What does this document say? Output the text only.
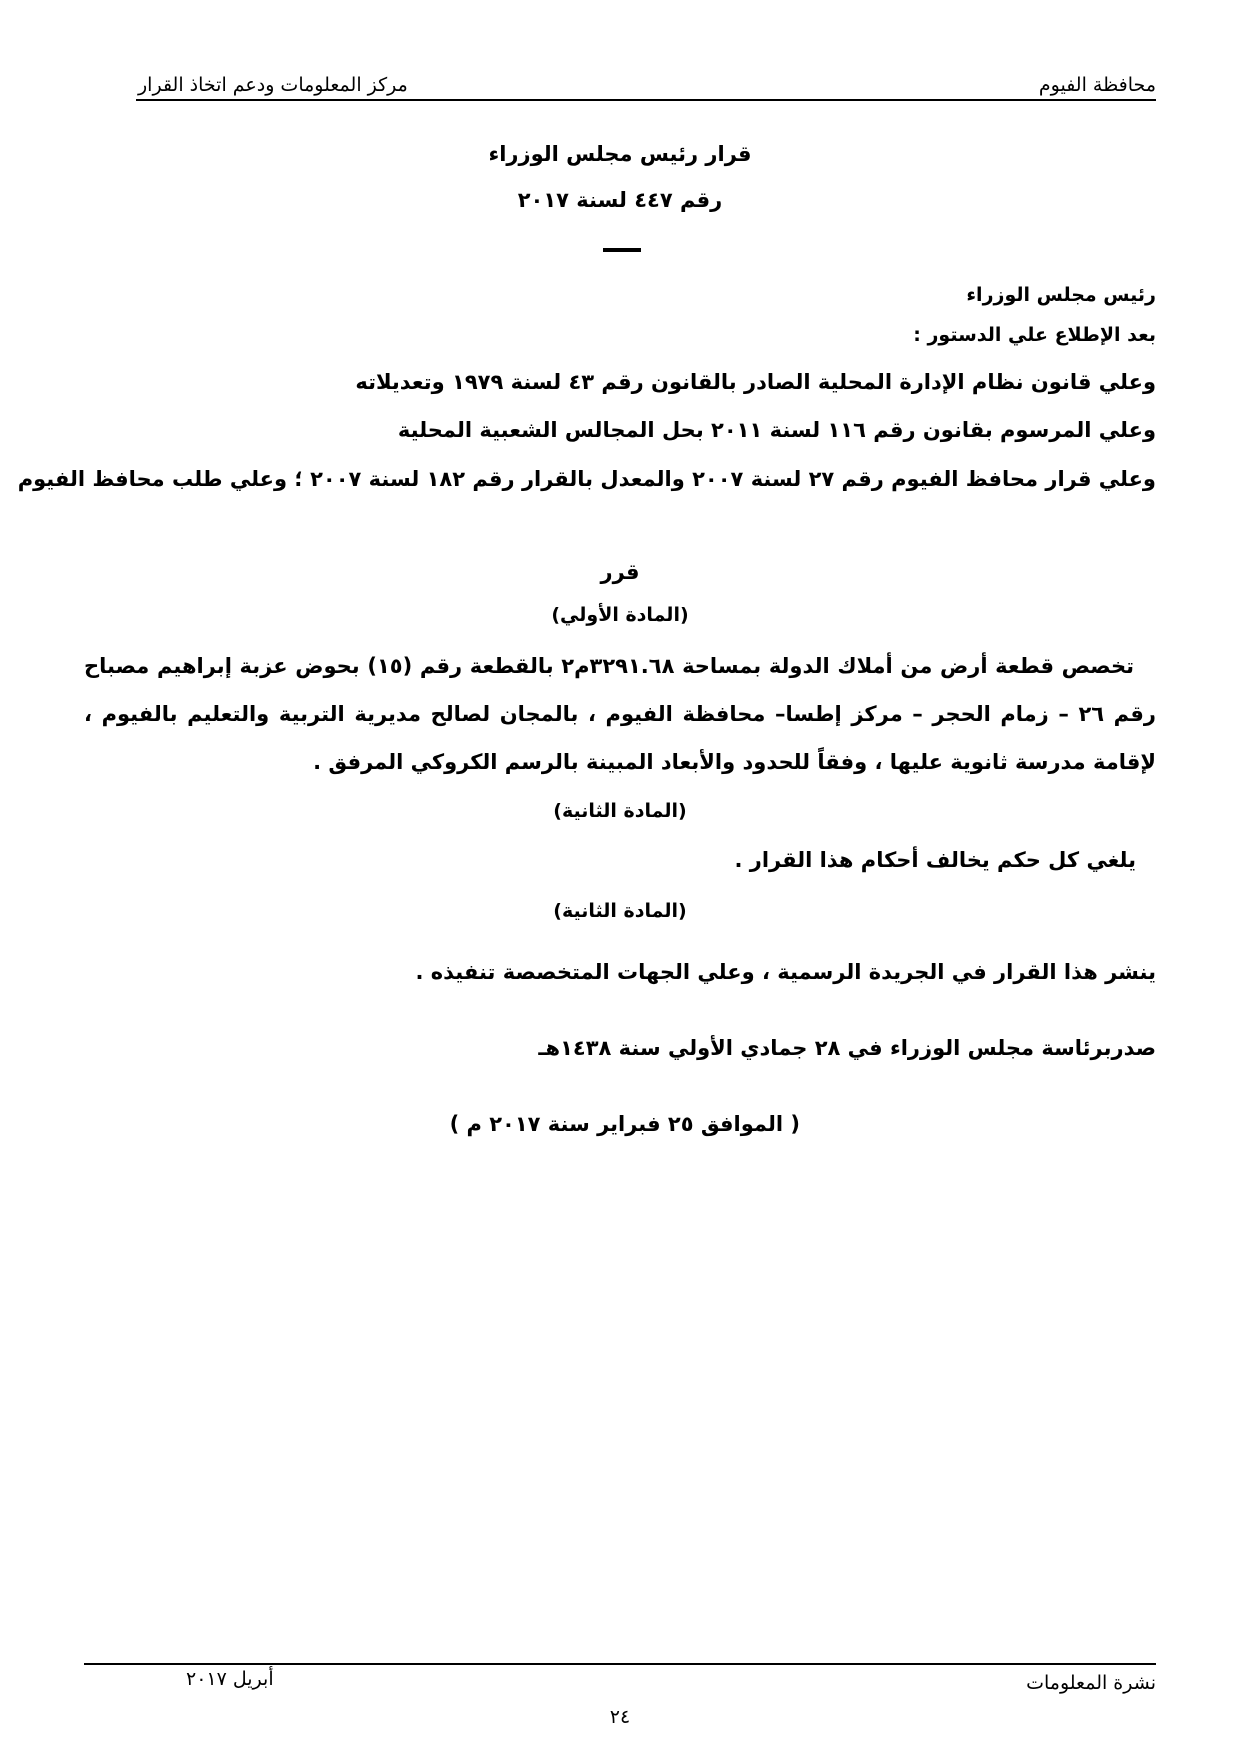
محافظة الفيوم
مركز المعلومات ودعم اتخاذ القرار
قرار رئيس مجلس الوزراء
رقم ٤٤٧ لسنة ٢٠١٧
رئيس مجلس الوزراء
بعد الإطلاع علي الدستور :
وعلي قانون نظام الإدارة المحلية الصادر بالقانون رقم ٤٣ لسنة ١٩٧٩ وتعديلاته
وعلي المرسوم بقانون رقم ١١٦ لسنة ٢٠١١ بحل المجالس الشعبية المحلية
وعلي قرار محافظ الفيوم رقم ٢٧ لسنة ٢٠٠٧ والمعدل بالقرار رقم ١٨٢ لسنة ٢٠٠٧ ؛ وعلي طلب محافظ الفيوم
قرر
(المادة الأولي)
تخصص قطعة أرض من أملاك الدولة بمساحة ٣٢٩١.٦٨م٢ بالقطعة رقم (١٥) بحوض عزبة إبراهيم مصباح رقم ٢٦ – زمام الحجر – مركز إطسا– محافظة الفيوم ، بالمجان لصالح مديرية التربية والتعليم بالفيوم ، لإقامة مدرسة ثانوية عليها ، وفقاً للحدود والأبعاد المبينة بالرسم الكروكي المرفق .
(المادة الثانية)
يلغي كل حكم يخالف أحكام هذا القرار .
(المادة الثانية)
ينشر هذا القرار في الجريدة الرسمية ، وعلي الجهات المتخصصة تنفيذه .
صدربرئاسة مجلس الوزراء في ٢٨ جمادي الأولي سنة ١٤٣٨هـ
( الموافق ٢٥ فبراير سنة ٢٠١٧ م )
نشرة المعلومات
أبريل ٢٠١٧
٢٤
